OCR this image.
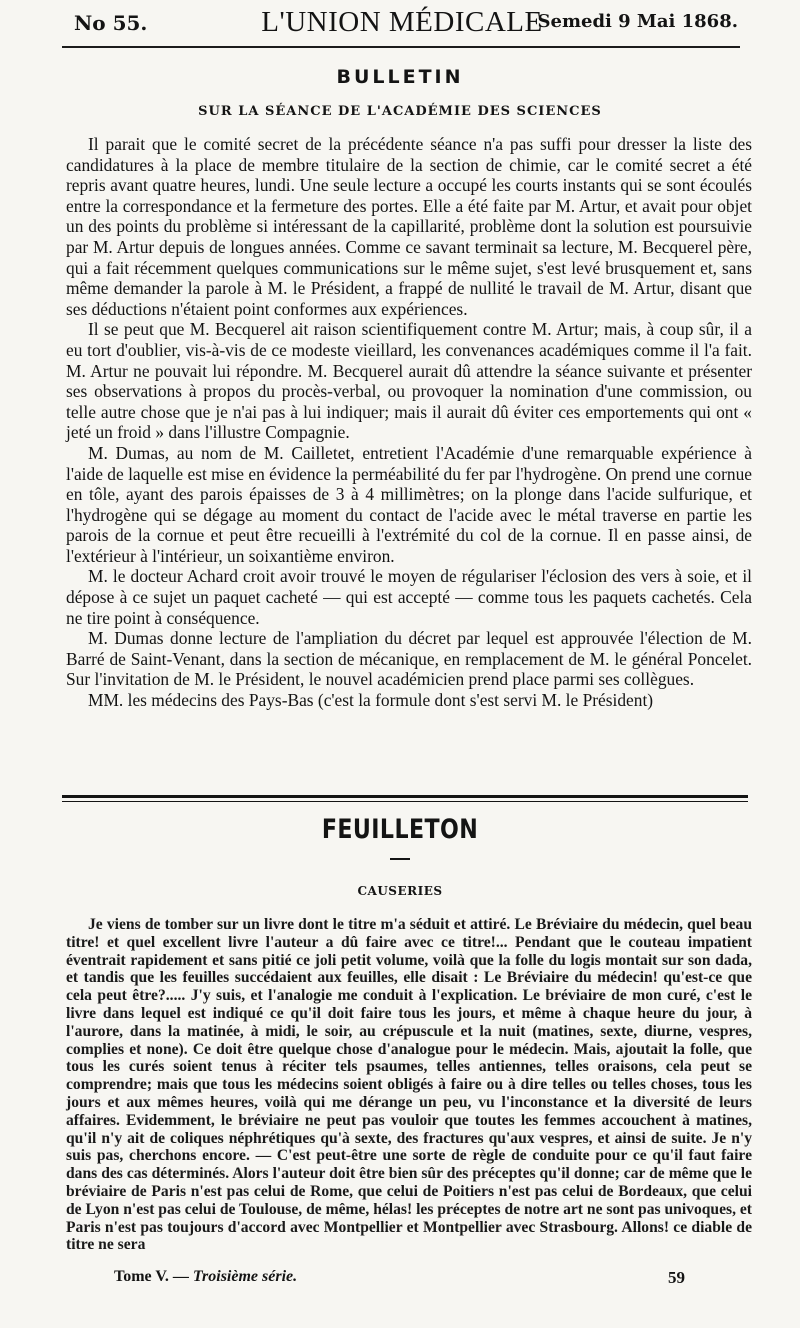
No 55.	L'UNION MÉDICALE
Semedi 9 Mai 1868.
BULLETIN
SUR LA SÉANCE DE L'ACADÉMIE DES SCIENCES

Il parait que le comité secret de la précédente séance n'a pas suffi pour dresser la liste des candidatures à la place de membre titulaire de la section de chimie, car le comité secret a été repris avant quatre heures, lundi. Une seule lecture a occupé les courts instants qui se sont écoulés entre la correspondance et la fermeture des portes. Elle a été faite par M. Artur, et avait pour objet un des points du problème si intéressant de la capillarité, problème dont la solution est poursuivie par M. Artur depuis de longues années. Comme ce savant terminait sa lecture, M. Becquerel père, qui a fait récemment quelques communications sur le même sujet, s'est levé brusquement et, sans même demander la parole à M. le Président, a frappé de nullité le travail de M. Artur, disant que ses déductions n'étaient point conformes aux expériences.

Il se peut que M. Becquerel ait raison scientifiquement contre M. Artur; mais, à coup sûr, il a eu tort d'oublier, vis-à-vis de ce modeste vieillard, les convenances académiques comme il l'a fait. M. Artur ne pouvait lui répondre. M. Becquerel aurait dû attendre la séance suivante et présenter ses observations à propos du procès-verbal, ou provoquer la nomination d'une commission, ou telle autre chose que je n'ai pas à lui indiquer; mais il aurait dû éviter ces emportements qui ont « jeté un froid » dans l'illustre Compagnie.

M. Dumas, au nom de M. Cailletet, entretient l'Académie d'une remarquable expérience à l'aide de laquelle est mise en évidence la perméabilité du fer par l'hydrogène. On prend une cornue en tôle, ayant des parois épaisses de 3 à 4 millimètres; on la plonge dans l'acide sulfurique, et l'hydrogène qui se dégage au moment du contact de l'acide avec le métal traverse en partie les parois de la cornue et peut être recueilli à l'extrémité du col de la cornue. Il en passe ainsi, de l'extérieur à l'intérieur, un soixantième environ.

M. le docteur Achard croit avoir trouvé le moyen de régulariser l'éclosion des vers à soie, et il dépose à ce sujet un paquet cacheté — qui est accepté — comme tous les paquets cachetés. Cela ne tire point à conséquence.

M. Dumas donne lecture de l'ampliation du décret par lequel est approuvée l'élection de M. Barré de Saint-Venant, dans la section de mécanique, en remplacement de M. le général Poncelet. Sur l'invitation de M. le Président, le nouvel académicien prend place parmi ses collègues.

MM. les médecins des Pays-Bas (c'est la formule dont s'est servi M. le Président)

FEUILLETON
CAUSERIES

Je viens de tomber sur un livre dont le titre m'a séduit et attiré. Le Bréviaire du médecin, quel beau titre! et quel excellent livre l'auteur a dû faire avec ce titre!... Pendant que le couteau impatient éventrait rapidement et sans pitié ce joli petit volume, voilà que la folle du logis montait sur son dada, et tandis que les feuilles succédaient aux feuilles, elle disait : Le Bréviaire du médecin! qu'est-ce que cela peut être?..... J'y suis, et l'analogie me conduit à l'explication. Le bréviaire de mon curé, c'est le livre dans lequel est indiqué ce qu'il doit faire tous les jours, et même à chaque heure du jour, à l'aurore, dans la matinée, à midi, le soir, au crépuscule et la nuit (matines, sexte, diurne, vespres, complies et none). Ce doit être quelque chose d'analogue pour le médecin. Mais, ajoutait la folle, que tous les curés soient tenus à réciter tels psaumes, telles antiennes, telles oraisons, cela peut se comprendre; mais que tous les médecins soient obligés à faire ou à dire telles ou telles choses, tous les jours et aux mêmes heures, voilà qui me dérange un peu, vu l'inconstance et la diversité de leurs affaires. Evidemment, le bréviaire ne peut pas vouloir que toutes les femmes accouchent à matines, qu'il n'y ait de coliques néphrétiques qu'à sexte, des fractures qu'aux vespres, et ainsi de suite. Je n'y suis pas, cherchons encore. — C'est peut-être une sorte de règle de conduite pour ce qu'il faut faire dans des cas déterminés. Alors l'auteur doit être bien sûr des préceptes qu'il donne; car de même que le bréviaire de Paris n'est pas celui de Rome, que celui de Poitiers n'est pas celui de Bordeaux, que celui de Lyon n'est pas celui de Toulouse, de même, hélas! les préceptes de notre art ne sont pas univoques, et Paris n'est pas toujours d'accord avec Montpellier et Montpellier avec Strasbourg. Allons! ce diable de titre ne sera

Tome V. — Troisième série.	59
